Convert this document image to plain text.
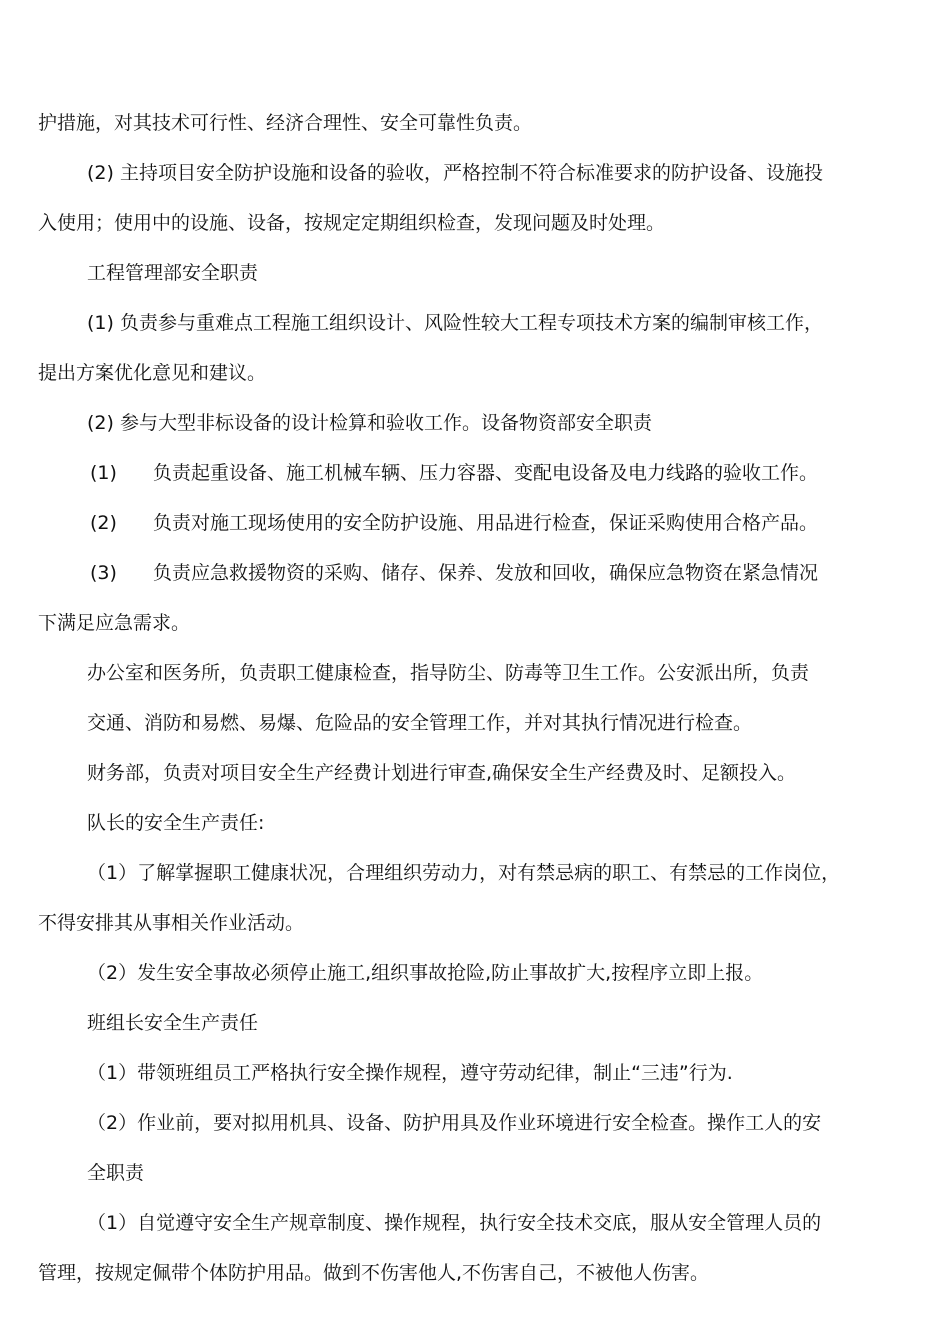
护措施，对其技术可行性、经济合理性、安全可靠性负责。

(2) 主持项目安全防护设施和设备的验收，严格控制不符合标准要求的防护设备、设施投

入使用；使用中的设施、设备，按规定定期组织检查，发现问题及时处理。

工程管理部安全职责

(1) 负责参与重难点工程施工组织设计、风险性较大工程专项技术方案的编制审核工作，

提出方案优化意见和建议。

(2) 参与大型非标设备的设计检算和验收工作。设备物资部安全职责

(1) 负责起重设备、施工机械车辆、压力容器、变配电设备及电力线路的验收工作。

(2) 负责对施工现场使用的安全防护设施、用品进行检查，保证采购使用合格产品。

(3) 负责应急救援物资的采购、储存、保养、发放和回收，确保应急物资在紧急情况

下满足应急需求。

办公室和医务所，负责职工健康检查，指导防尘、防毒等卫生工作。公安派出所，负责

交通、消防和易燃、易爆、危险品的安全管理工作，并对其执行情况进行检查。

财务部，负责对项目安全生产经费计划进行审查,确保安全生产经费及时、足额投入。

队长的安全生产责任:

（1）了解掌握职工健康状况，合理组织劳动力，对有禁忌病的职工、有禁忌的工作岗位，

不得安排其从事相关作业活动。

（2）发生安全事故必须停止施工,组织事故抢险,防止事故扩大,按程序立即上报。

班组长安全生产责任

（1）带领班组员工严格执行安全操作规程，遵守劳动纪律，制止“三违”行为.

（2）作业前，要对拟用机具、设备、防护用具及作业环境进行安全检查。操作工人的安

全职责

（1）自觉遵守安全生产规章制度、操作规程，执行安全技术交底，服从安全管理人员的

管理，按规定佩带个体防护用品。做到不伤害他人,不伤害自己，不被他人伤害。
